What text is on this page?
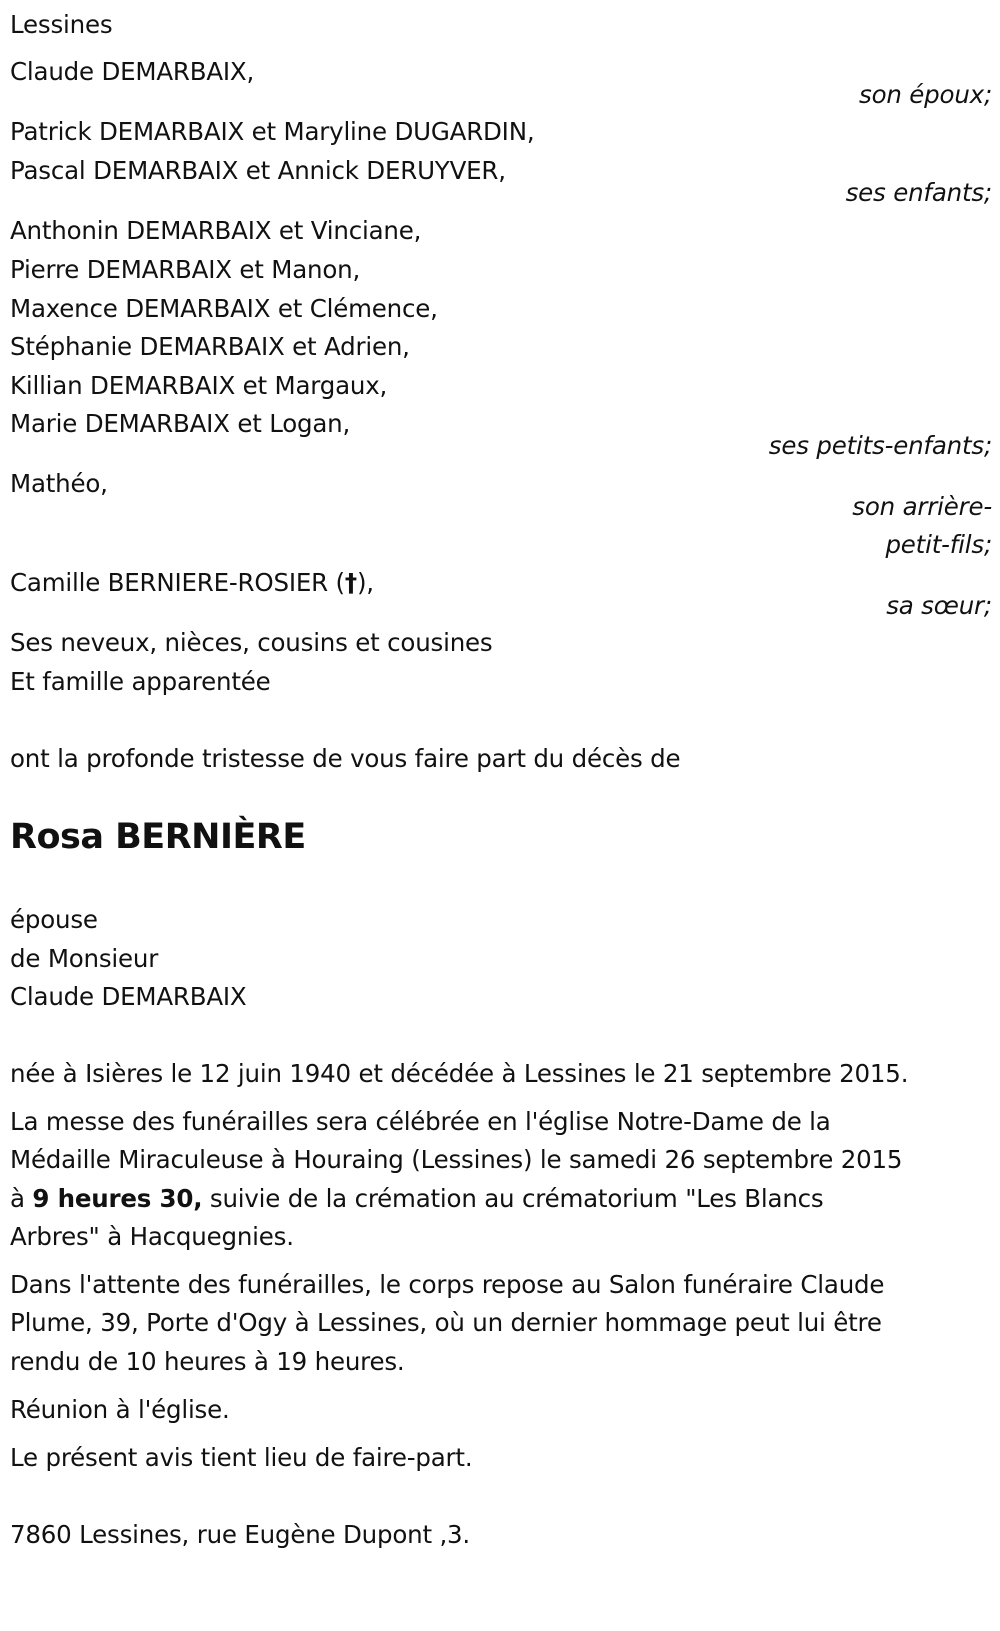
Lessines
Claude DEMARBAIX,
son époux;
Patrick DEMARBAIX et Maryline DUGARDIN,
Pascal DEMARBAIX et Annick DERUYVER,
ses enfants;
Anthonin DEMARBAIX et Vinciane,
Pierre DEMARBAIX et Manon,
Maxence DEMARBAIX et Clémence,
Stéphanie DEMARBAIX et Adrien,
Killian DEMARBAIX et Margaux,
Marie DEMARBAIX et Logan,
ses petits-enfants;
Mathéo,
son arrière-
petit-fils;
Camille BERNIERE-ROSIER (†),
sa sœur;
Ses neveux, nièces, cousins et cousines
Et famille apparentée
ont la profonde tristesse de vous faire part du décès de
Rosa BERNIÈRE
épouse
de Monsieur
Claude DEMARBAIX
née à Isières le 12 juin 1940 et décédée à Lessines le 21 septembre 2015.
La messe des funérailles sera célébrée en l'église Notre-Dame de la
Médaille Miraculeuse à Houraing (Lessines) le samedi 26 septembre 2015
à 9 heures 30, suivie de la crémation au crématorium "Les Blancs
Arbres" à Hacquegnies.
Dans l'attente des funérailles, le corps repose au Salon funéraire Claude
Plume, 39, Porte d'Ogy à Lessines, où un dernier hommage peut lui être
rendu de 10 heures à 19 heures.
Réunion à l'église.
Le présent avis tient lieu de faire-part.
7860 Lessines, rue Eugène Dupont ,3.
